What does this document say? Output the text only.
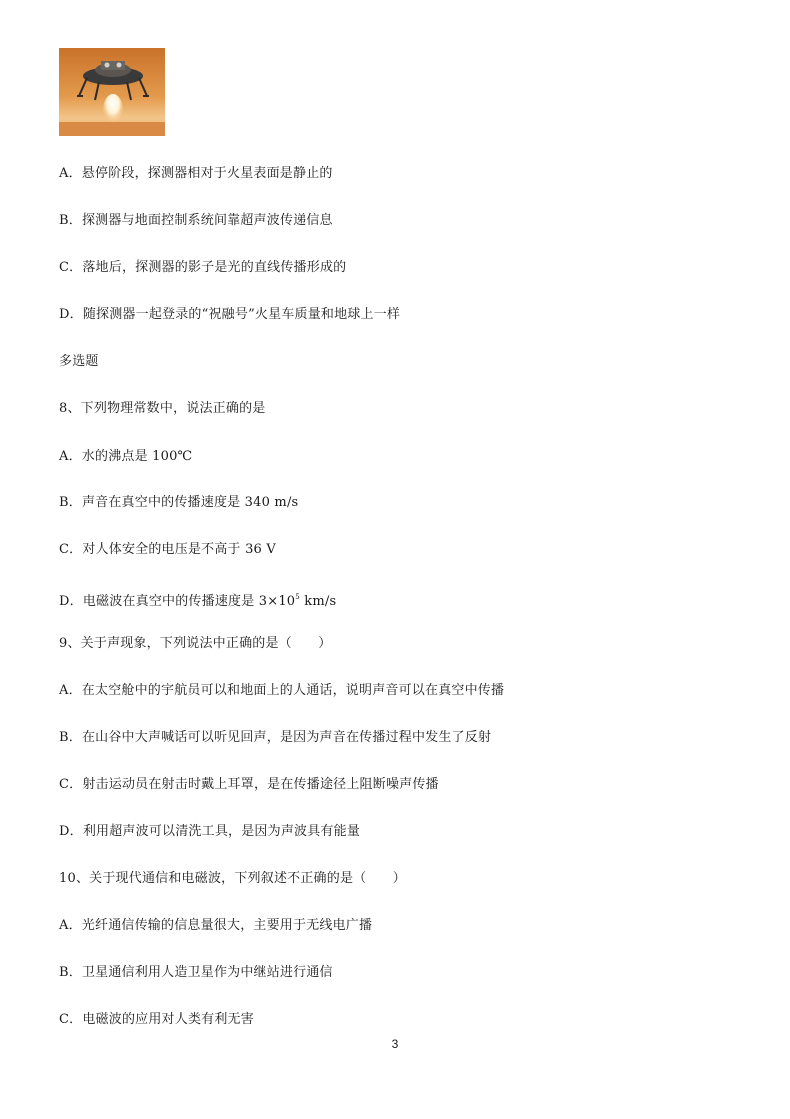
A．悬停阶段，探测器相对于火星表面是静止的
B．探测器与地面控制系统间靠超声波传递信息
C．落地后，探测器的影子是光的直线传播形成的
D．随探测器一起登录的“祝融号”火星车质量和地球上一样
多选题
8、下列物理常数中，说法正确的是
A．水的沸点是 100℃
B．声音在真空中的传播速度是 340 m/s
C．对人体安全的电压是不高于 36 V
D．电磁波在真空中的传播速度是 $3\times 10^5$ km/s
9、关于声现象，下列说法中正确的是（　　）
A．在太空舱中的宇航员可以和地面上的人通话，说明声音可以在真空中传播
B．在山谷中大声喊话可以听见回声，是因为声音在传播过程中发生了反射
C．射击运动员在射击时戴上耳罩，是在传播途径上阻断噪声传播
D．利用超声波可以清洗工具，是因为声波具有能量
10、关于现代通信和电磁波，下列叙述不正确的是（　　）
A．光纤通信传输的信息量很大，主要用于无线电广播
B．卫星通信利用人造卫星作为中继站进行通信
C．电磁波的应用对人类有利无害
3
